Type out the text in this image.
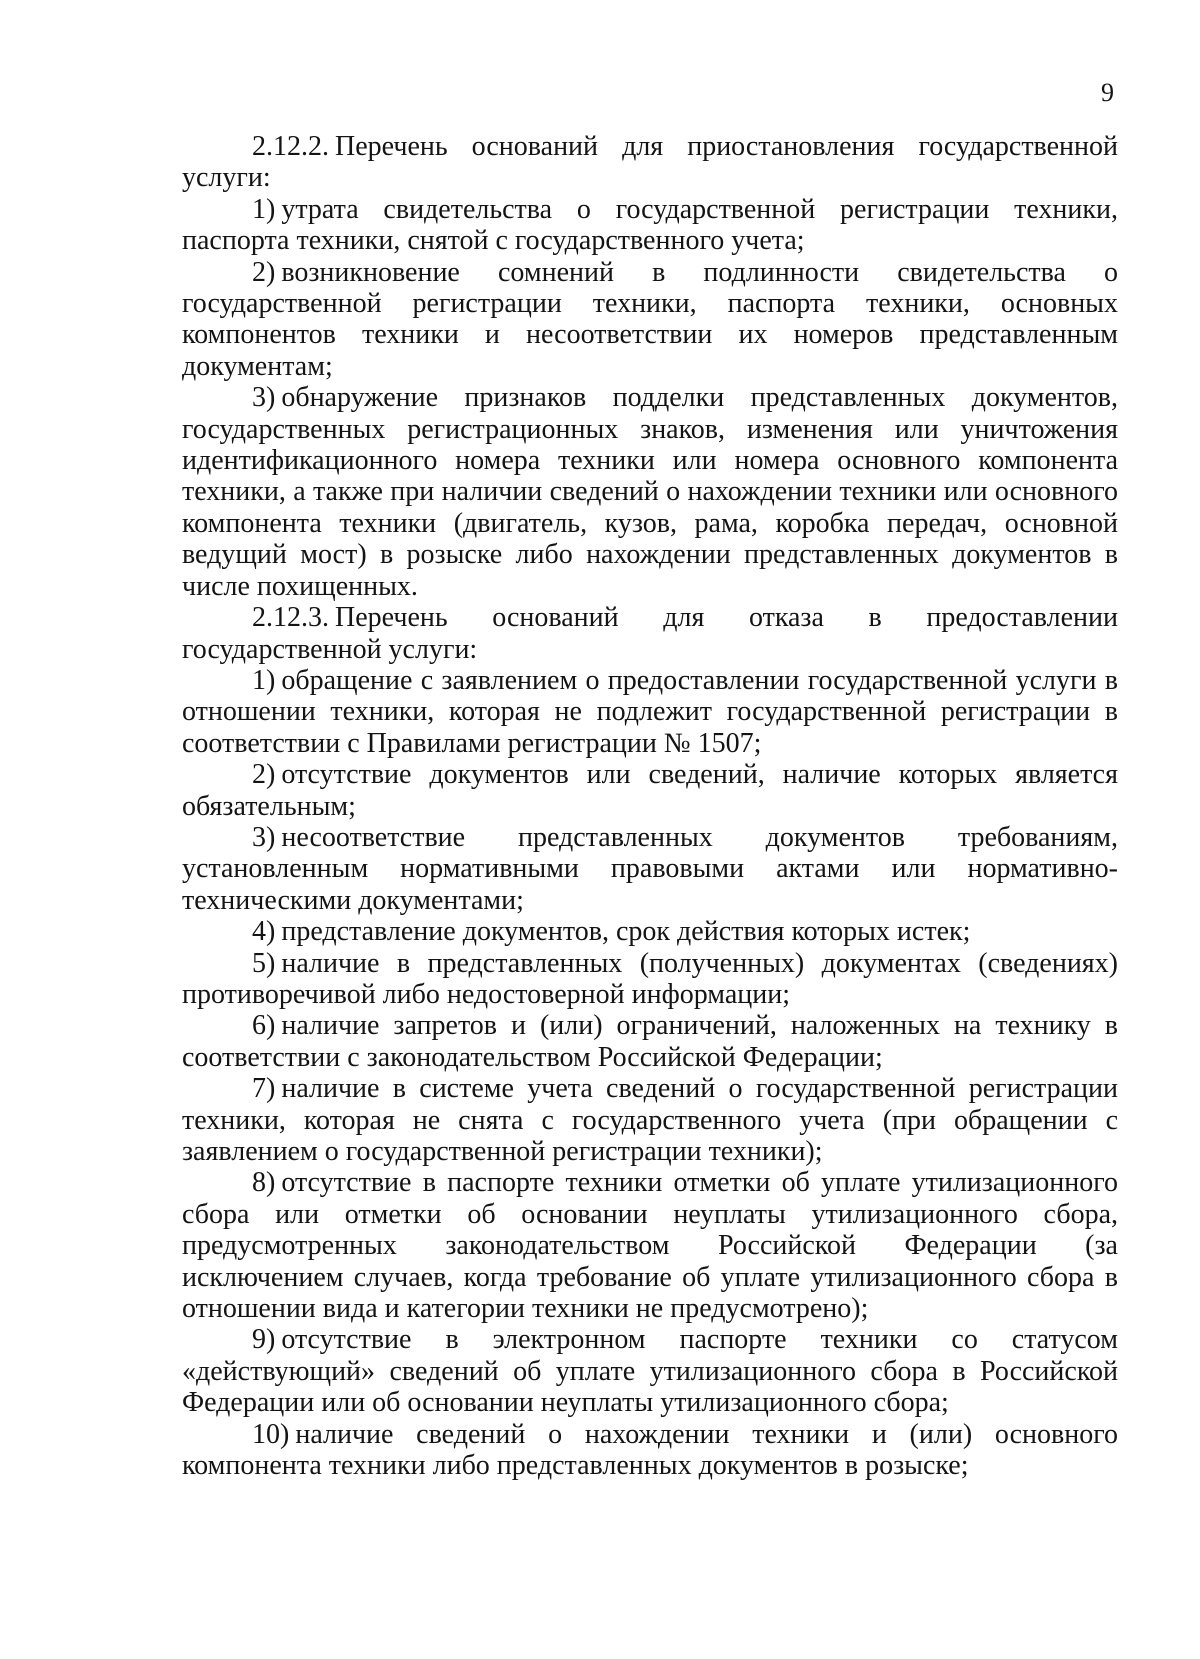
9

2.12.2. Перечень оснований для приостановления государственной услуги:

1) утрата свидетельства о государственной регистрации техники, паспорта техники, снятой с государственного учета;

2) возникновение сомнений в подлинности свидетельства о государственной регистрации техники, паспорта техники, основных компонентов техники и несоответствии их номеров представленным документам;

3) обнаружение признаков подделки представленных документов, государственных регистрационных знаков, изменения или уничтожения идентификационного номера техники или номера основного компонента техники, а также при наличии сведений о нахождении техники или основного компонента техники (двигатель, кузов, рама, коробка передач, основной ведущий мост) в розыске либо нахождении представленных документов в числе похищенных.

2.12.3. Перечень оснований для отказа в предоставлении государственной услуги:

1) обращение с заявлением о предоставлении государственной услуги в отношении техники, которая не подлежит государственной регистрации в соответствии с Правилами регистрации № 1507;

2) отсутствие документов или сведений, наличие которых является обязательным;

3) несоответствие представленных документов требованиям, установленным нормативными правовыми актами или нормативно-техническими документами;

4) представление документов, срок действия которых истек;

5) наличие в представленных (полученных) документах (сведениях) противоречивой либо недостоверной информации;

6) наличие запретов и (или) ограничений, наложенных на технику в соответствии с законодательством Российской Федерации;

7) наличие в системе учета сведений о государственной регистрации техники, которая не снята с государственного учета (при обращении с заявлением о государственной регистрации техники);

8) отсутствие в паспорте техники отметки об уплате утилизационного сбора или отметки об основании неуплаты утилизационного сбора, предусмотренных законодательством Российской Федерации (за исключением случаев, когда требование об уплате утилизационного сбора в отношении вида и категории техники не предусмотрено);

9) отсутствие в электронном паспорте техники со статусом «действующий» сведений об уплате утилизационного сбора в Российской Федерации или об основании неуплаты утилизационного сбора;

10) наличие сведений о нахождении техники и (или) основного компонента техники либо представленных документов в розыске;
